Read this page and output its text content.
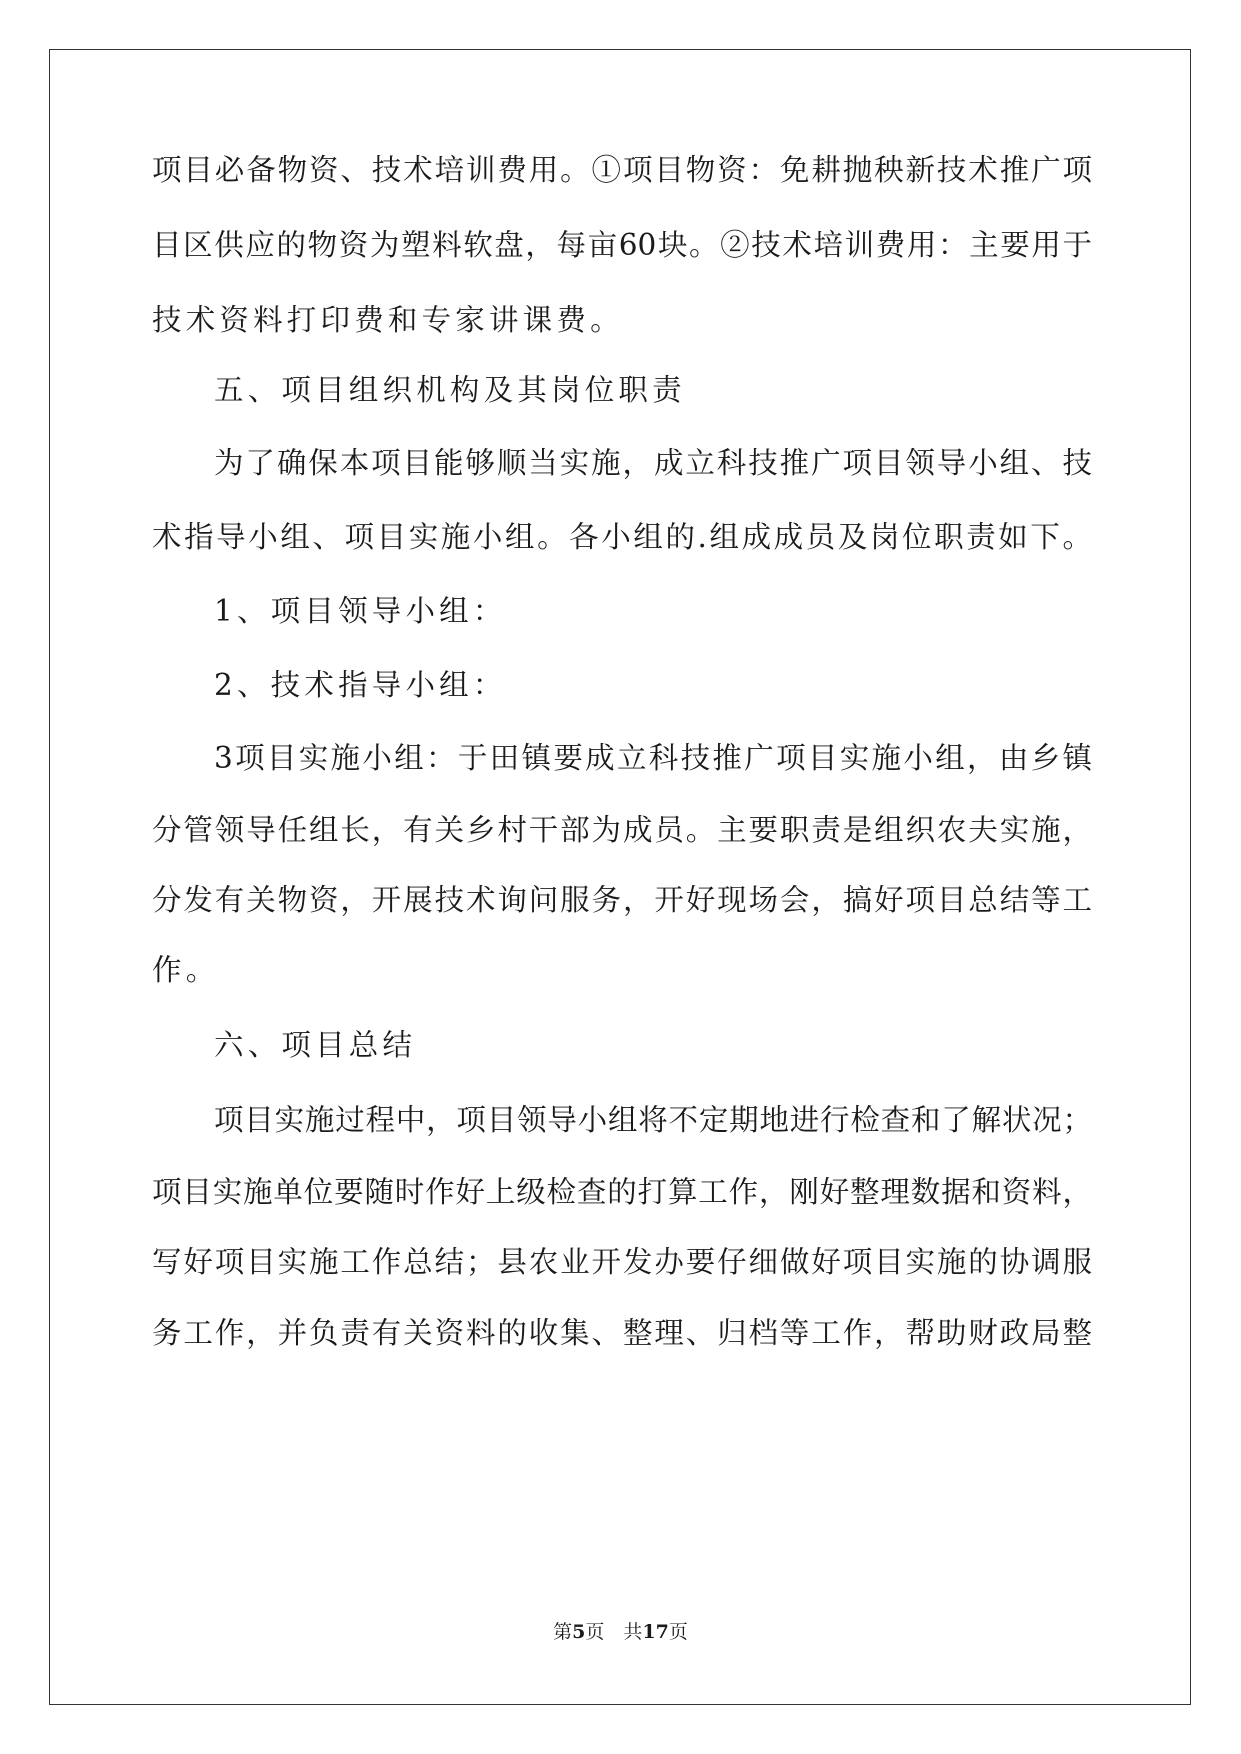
项目必备物资、技术培训费用。①项目物资：免耕抛秧新技术推广项
目区供应的物资为塑料软盘，每亩60块。②技术培训费用：主要用于
技术资料打印费和专家讲课费。
五、项目组织机构及其岗位职责
为了确保本项目能够顺当实施，成立科技推广项目领导小组、技
术指导小组、项目实施小组。各小组的.组成成员及岗位职责如下。
1、项目领导小组：
2、技术指导小组：
3项目实施小组：于田镇要成立科技推广项目实施小组，由乡镇
分管领导任组长，有关乡村干部为成员。主要职责是组织农夫实施，
分发有关物资，开展技术询问服务，开好现场会，搞好项目总结等工
作。
六、项目总结
项目实施过程中，项目领导小组将不定期地进行检查和了解状况；
项目实施单位要随时作好上级检查的打算工作，刚好整理数据和资料，
写好项目实施工作总结；县农业开发办要仔细做好项目实施的协调服
务工作，并负责有关资料的收集、整理、归档等工作，帮助财政局整
第5页　共17页
